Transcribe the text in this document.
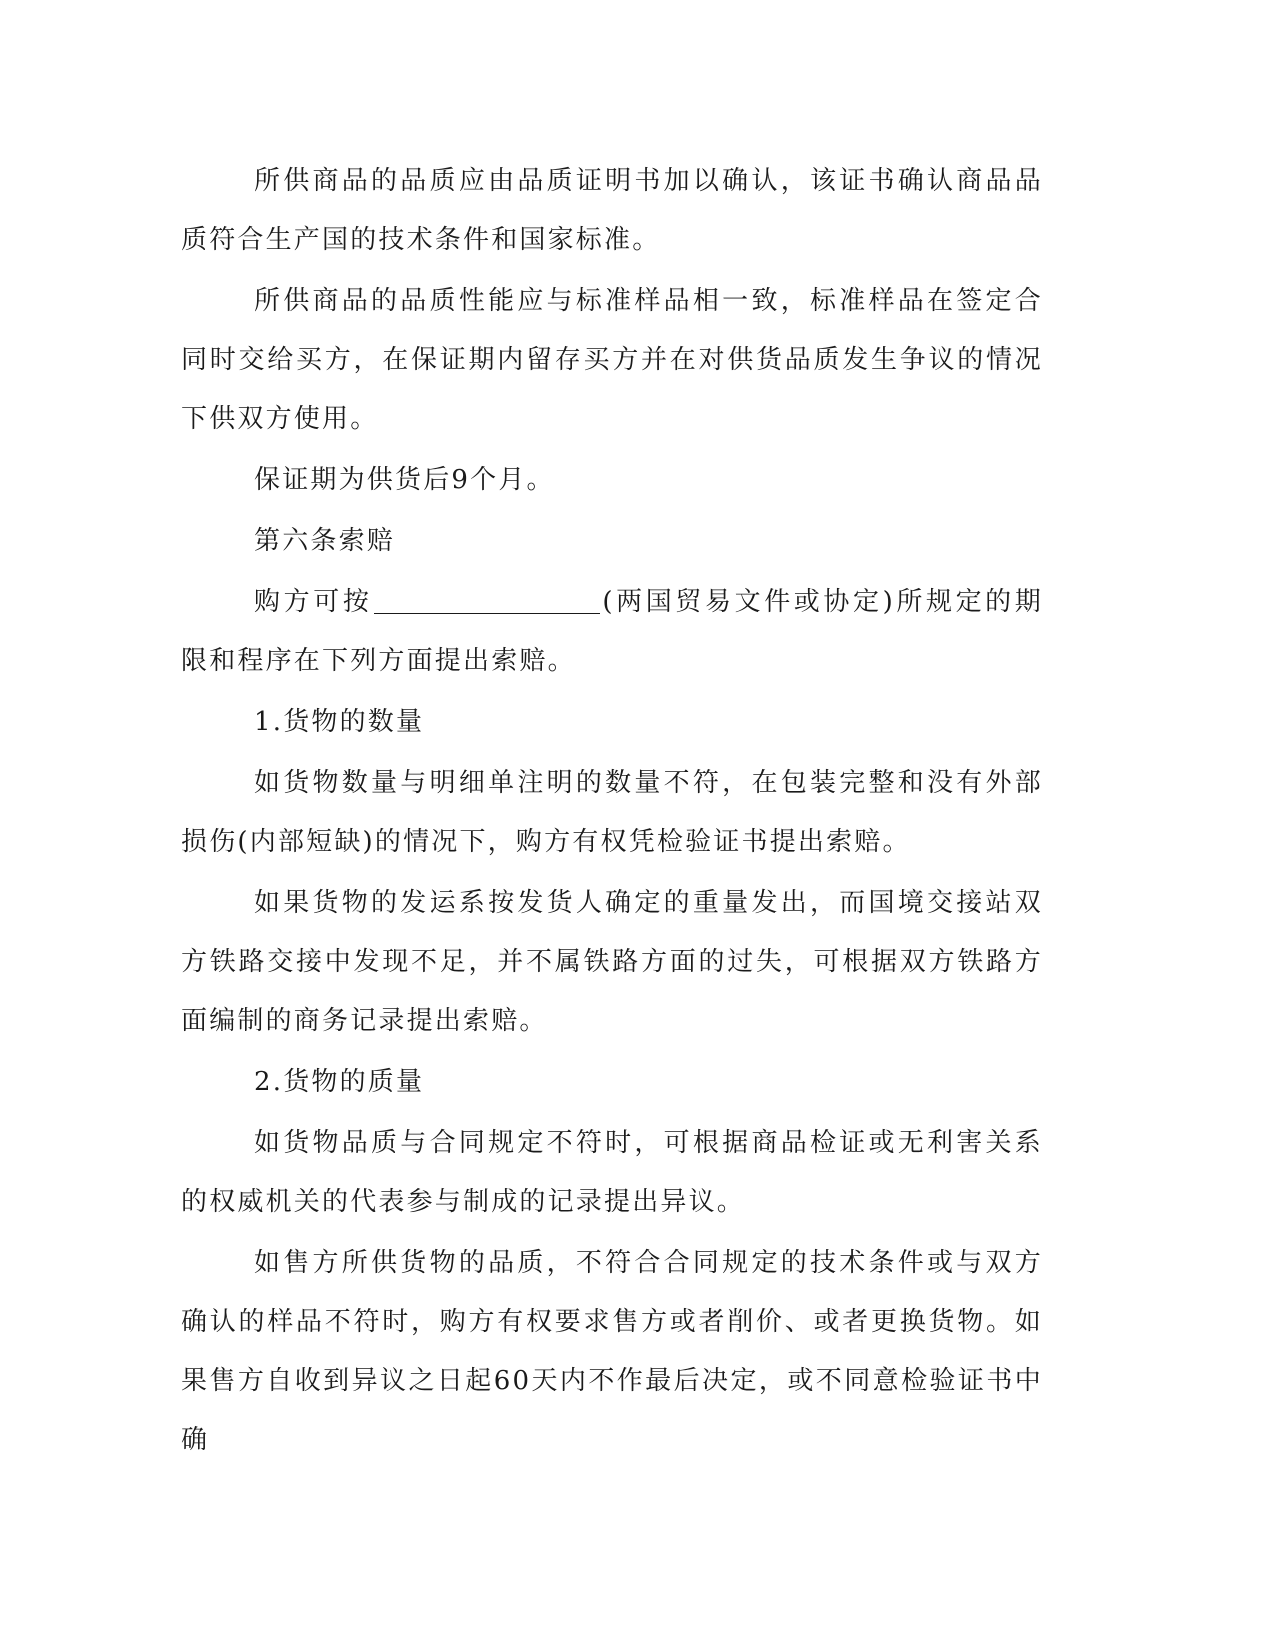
所供商品的品质应由品质证明书加以确认，该证书确认商品品质符合生产国的技术条件和国家标准。

所供商品的品质性能应与标准样品相一致，标准样品在签定合同时交给买方，在保证期内留存买方并在对供货品质发生争议的情况下供双方使用。

保证期为供货后9个月。

第六条索赔

购方可按	(两国贸易文件或协定)所规定的期限和程序在下列方面提出索赔。

1.货物的数量

如货物数量与明细单注明的数量不符，在包装完整和没有外部损伤(内部短缺)的情况下，购方有权凭检验证书提出索赔。

如果货物的发运系按发货人确定的重量发出，而国境交接站双方铁路交接中发现不足，并不属铁路方面的过失，可根据双方铁路方面编制的商务记录提出索赔。

2.货物的质量

如货物品质与合同规定不符时，可根据商品检证或无利害关系的权威机关的代表参与制成的记录提出异议。

如售方所供货物的品质，不符合合同规定的技术条件或与双方确认的样品不符时，购方有权要求售方或者削价、或者更换货物。如果售方自收到异议之日起60天内不作最后决定，或不同意检验证书中确
